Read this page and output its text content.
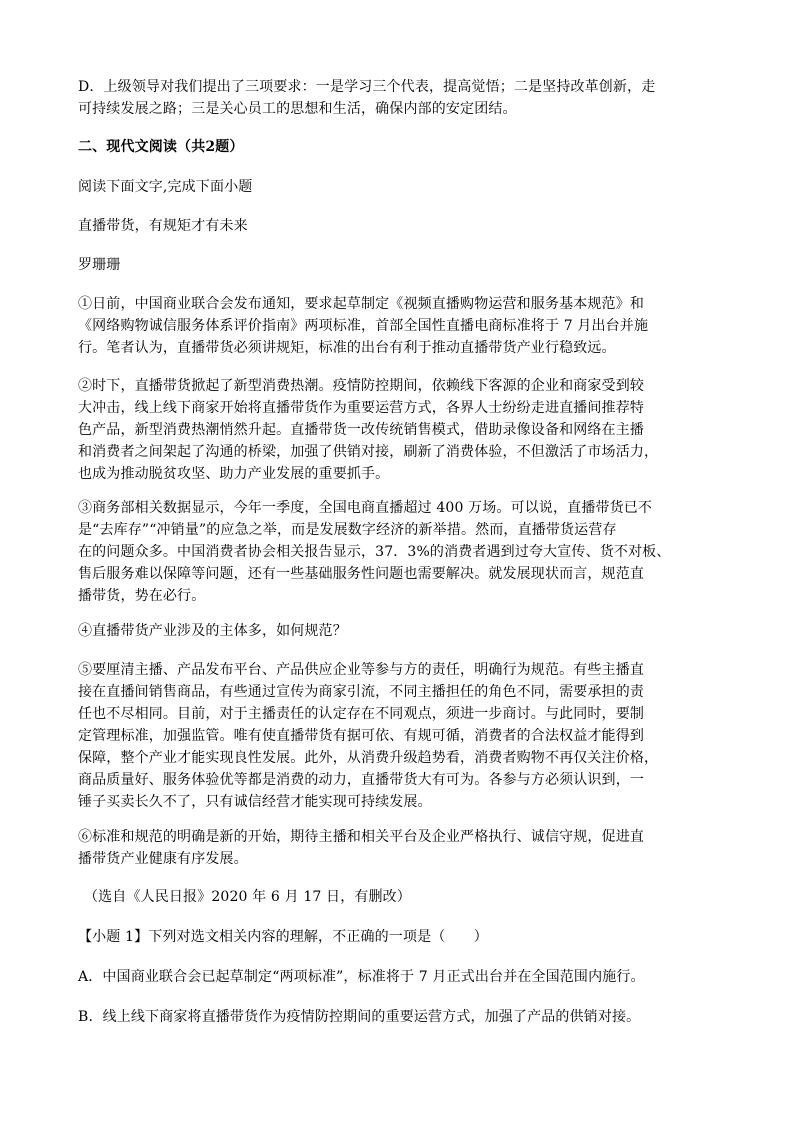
D．上级领导对我们提出了三项要求：一是学习三个代表，提高觉悟；二是坚持改革创新，走
可持续发展之路；三是关心员工的思想和生活，确保内部的安定团结。
二、现代文阅读（共2题）
阅读下面文字,完成下面小题
直播带货，有规矩才有未来
罗珊珊
①日前，中国商业联合会发布通知，要求起草制定《视频直播购物运营和服务基本规范》和
《网络购物诚信服务体系评价指南》两项标准，首部全国性直播电商标准将于 7 月出台并施
行。笔者认为，直播带货必须讲规矩，标准的出台有利于推动直播带货产业行稳致远。
②时下，直播带货掀起了新型消费热潮。疫情防控期间，依赖线下客源的企业和商家受到较
大冲击，线上线下商家开始将直播带货作为重要运营方式，各界人士纷纷走进直播间推荐特
色产品，新型消费热潮悄然升起。直播带货一改传统销售模式，借助录像设备和网络在主播
和消费者之间架起了沟通的桥梁，加强了供销对接，刷新了消费体验，不但激活了市场活力，
也成为推动脱贫攻坚、助力产业发展的重要抓手。
③商务部相关数据显示，今年一季度，全国电商直播超过 400 万场。可以说，直播带货已不
是“去库存”“冲销量”的应急之举，而是发展数字经济的新举措。然而，直播带货运营存
在的问题众多。中国消费者协会相关报告显示，37．3%的消费者遇到过夸大宣传、货不对板、
售后服务难以保障等问题，还有一些基础服务性问题也需要解决。就发展现状而言，规范直
播带货，势在必行。
④直播带货产业涉及的主体多，如何规范？
⑤要厘清主播、产品发布平台、产品供应企业等参与方的责任，明确行为规范。有些主播直
接在直播间销售商品，有些通过宣传为商家引流，不同主播担任的角色不同，需要承担的责
任也不尽相同。目前，对于主播责任的认定存在不同观点，须进一步商讨。与此同时，要制
定管理标准，加强监管。唯有使直播带货有据可依、有规可循，消费者的合法权益才能得到
保障，整个产业才能实现良性发展。此外，从消费升级趋势看，消费者购物不再仅关注价格，
商品质量好、服务体验优等都是消费的动力，直播带货大有可为。各参与方必须认识到，一
锤子买卖长久不了，只有诚信经营才能实现可持续发展。
⑥标准和规范的明确是新的开始，期待主播和相关平台及企业严格执行、诚信守规，促进直
播带货产业健康有序发展。
（选自《人民日报》2020 年 6 月 17 日，有删改）
【小题 1】下列对选文相关内容的理解，不正确的一项是（　　）
A．中国商业联合会已起草制定“两项标准”，标准将于 7 月正式出台并在全国范围内施行。
B．线上线下商家将直播带货作为疫情防控期间的重要运营方式，加强了产品的供销对接。
